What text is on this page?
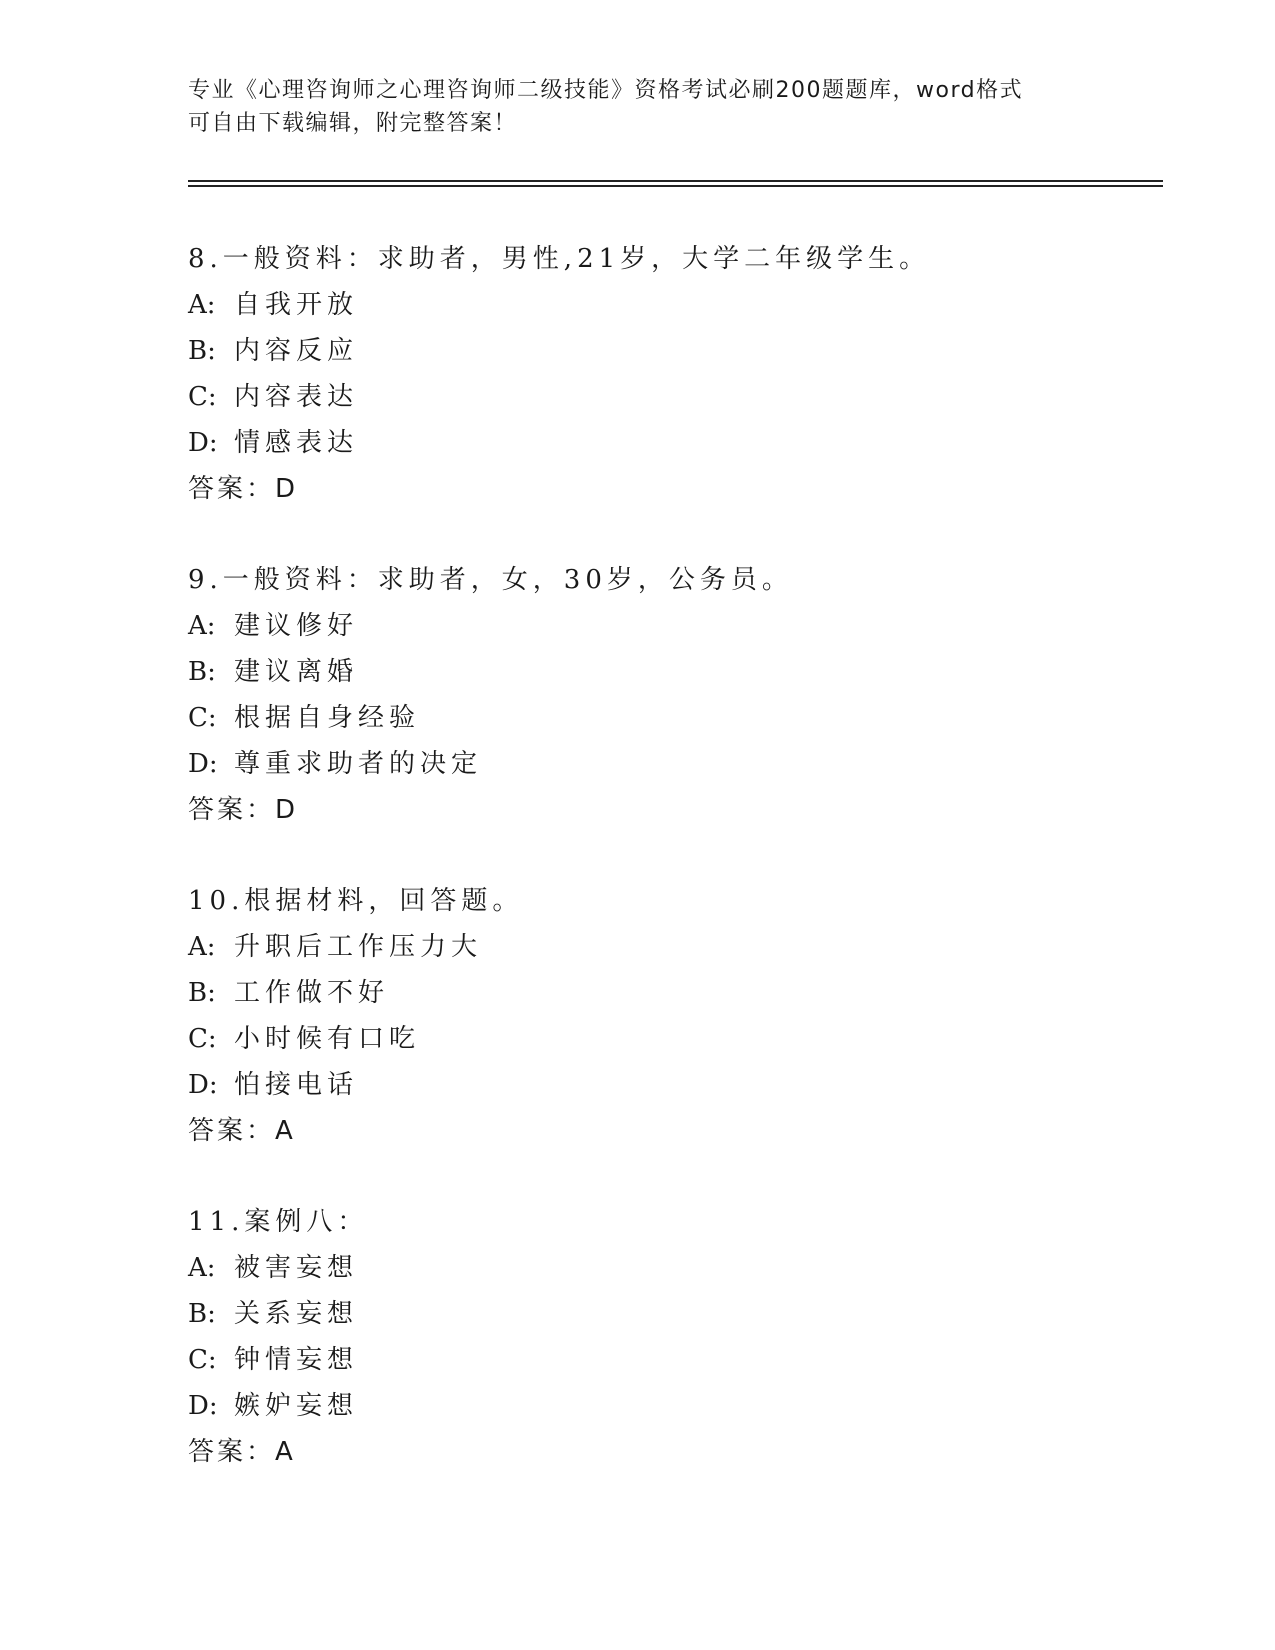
专业《心理咨询师之心理咨询师二级技能》资格考试必刷200题题库，word格式

可自由下载编辑，附完整答案！

8.一般资料：求助者，男性,21岁，大学二年级学生。
A: 自我开放
B: 内容反应
C: 内容表达
D: 情感表达
答案：D
9.一般资料：求助者，女，30岁，公务员。
A: 建议修好
B: 建议离婚
C: 根据自身经验
D: 尊重求助者的决定
答案：D
10.根据材料，回答题。
A: 升职后工作压力大
B: 工作做不好
C: 小时候有口吃
D: 怕接电话
答案：A
11.案例八：
A: 被害妄想
B: 关系妄想
C: 钟情妄想
D: 嫉妒妄想
答案：A
